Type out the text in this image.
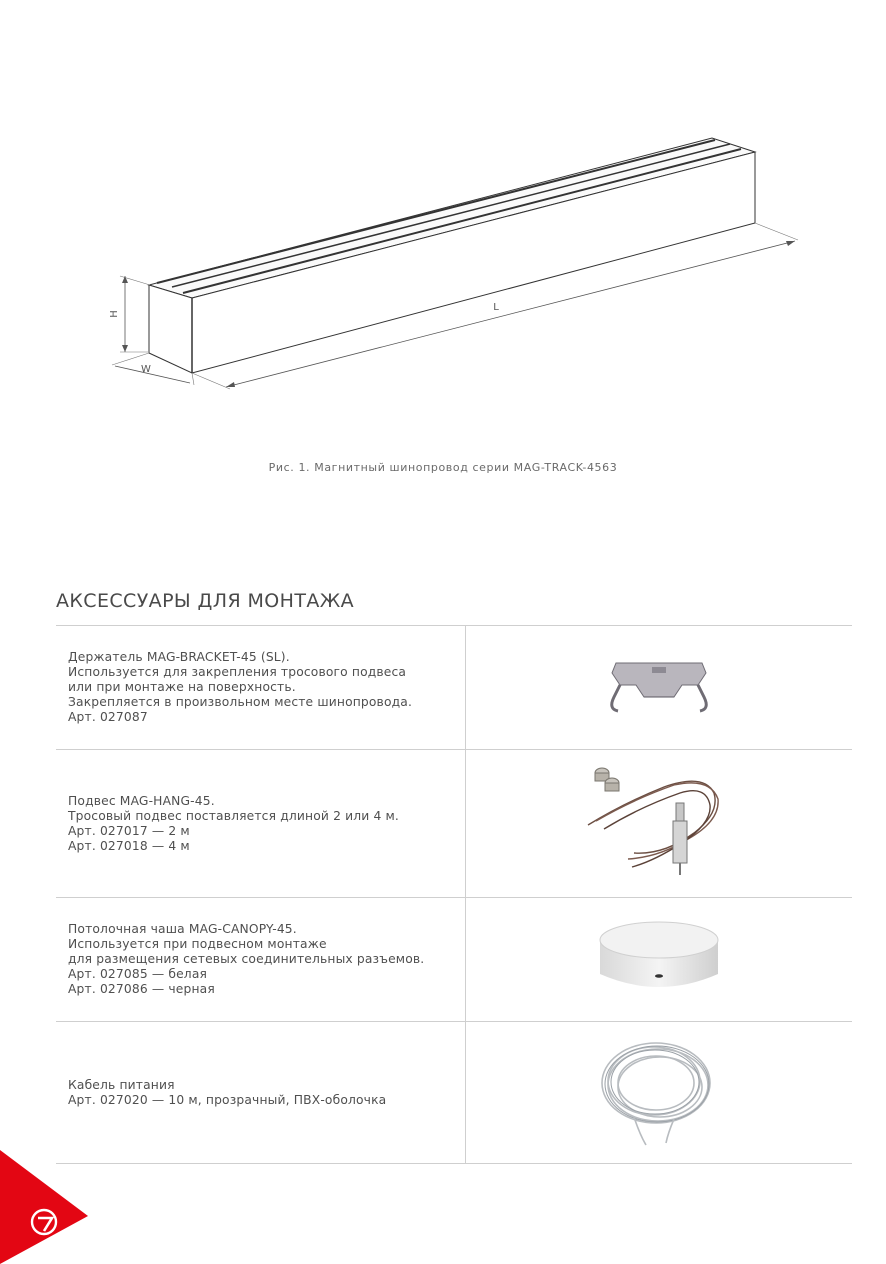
H
W
L
Рис. 1. Магнитный шинопровод серии MAG-TRACK-4563
АКСЕССУАРЫ ДЛЯ МОНТАЖА
Держатель MAG-BRACKET-45 (SL).
Используется для закрепления тросового подвеса
или при монтаже на поверхность.
Закрепляется в произвольном месте шинопровода.
Арт. 027087

Подвес MAG-HANG-45.
Тросовый подвес поставляется длиной 2 или 4 м.
Арт. 027017 — 2 м
Арт. 027018 — 4 м

Потолочная чаша MAG-CANOPY-45.
Используется при подвесном монтаже
для размещения сетевых соединительных разъемов.
Арт. 027085 — белая
Арт. 027086 — черная

Кабель питания
Арт. 027020 — 10 м, прозрачный, ПВХ-оболочка
